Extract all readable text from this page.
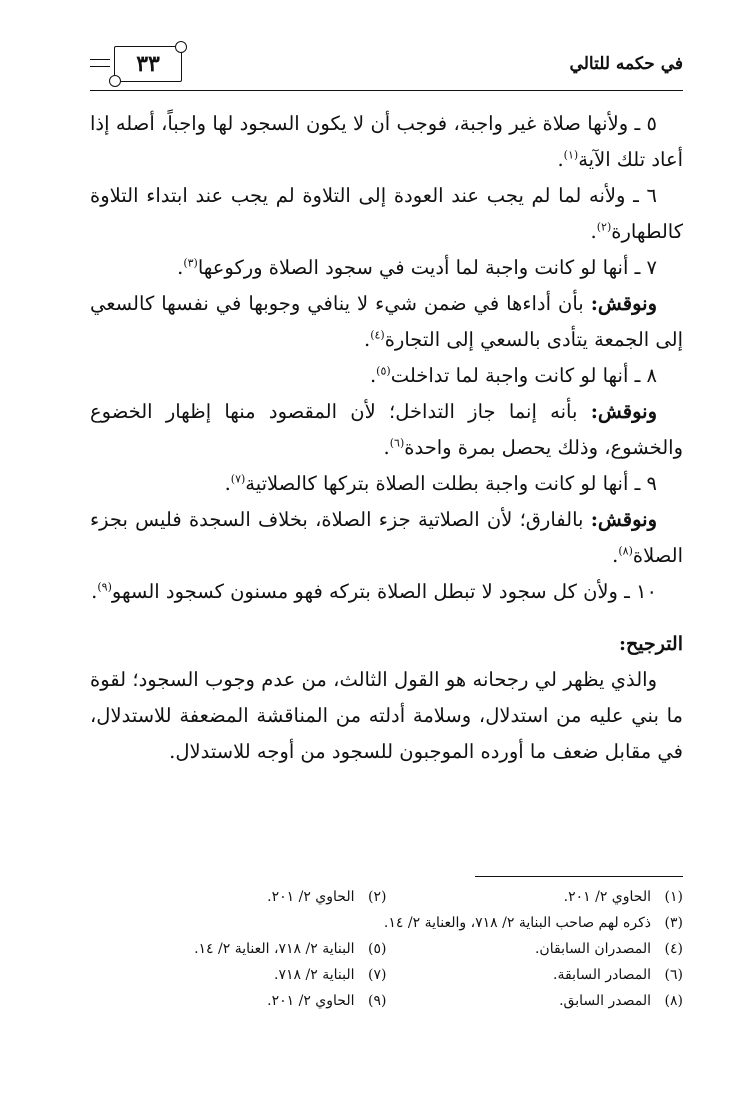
في حكمه للتالي
٣٣

٥ ـ ولأنها صلاة غير واجبة، فوجب أن لا يكون السجود لها واجباً، أصله إذا أعاد تلك الآية$^{(١)}$.

٦ ـ ولأنه لما لم يجب عند العودة إلى التلاوة لم يجب عند ابتداء التلاوة كالطهارة$^{(٢)}$.

٧ ـ أنها لو كانت واجبة لما أديت في سجود الصلاة وركوعها$^{(٣)}$.

ونوقش: بأن أداءها في ضمن شيء لا ينافي وجوبها في نفسها كالسعي إلى الجمعة يتأدى بالسعي إلى التجارة$^{(٤)}$.

٨ ـ أنها لو كانت واجبة لما تداخلت$^{(٥)}$.

ونوقش: بأنه إنما جاز التداخل؛ لأن المقصود منها إظهار الخضوع والخشوع، وذلك يحصل بمرة واحدة$^{(٦)}$.

٩ ـ أنها لو كانت واجبة بطلت الصلاة بتركها كالصلاتية$^{(٧)}$.

ونوقش: بالفارق؛ لأن الصلاتية جزء الصلاة، بخلاف السجدة فليس بجزء الصلاة$^{(٨)}$.

١٠ ـ ولأن كل سجود لا تبطل الصلاة بتركه فهو مسنون كسجود السهو$^{(٩)}$.

الترجيح:

والذي يظهر لي رجحانه هو القول الثالث، من عدم وجوب السجود؛ لقوة ما بني عليه من استدلال، وسلامة أدلته من المناقشة المضعفة للاستدلال، في مقابل ضعف ما أورده الموجبون للسجود من أوجه للاستدلال.

(١)الحاوي ٢/ ٢٠١.
(٢)الحاوي ٢/ ٢٠١.
(٣)ذكره لهم صاحب البناية ٢/ ٧١٨، والعناية ٢/ ١٤.
(٤)المصدران السابقان.
(٥)البناية ٢/ ٧١٨، العناية ٢/ ١٤.
(٦)المصادر السابقة.
(٧)البناية ٢/ ٧١٨.
(٨)المصدر السابق.
(٩)الحاوي ٢/ ٢٠١.
